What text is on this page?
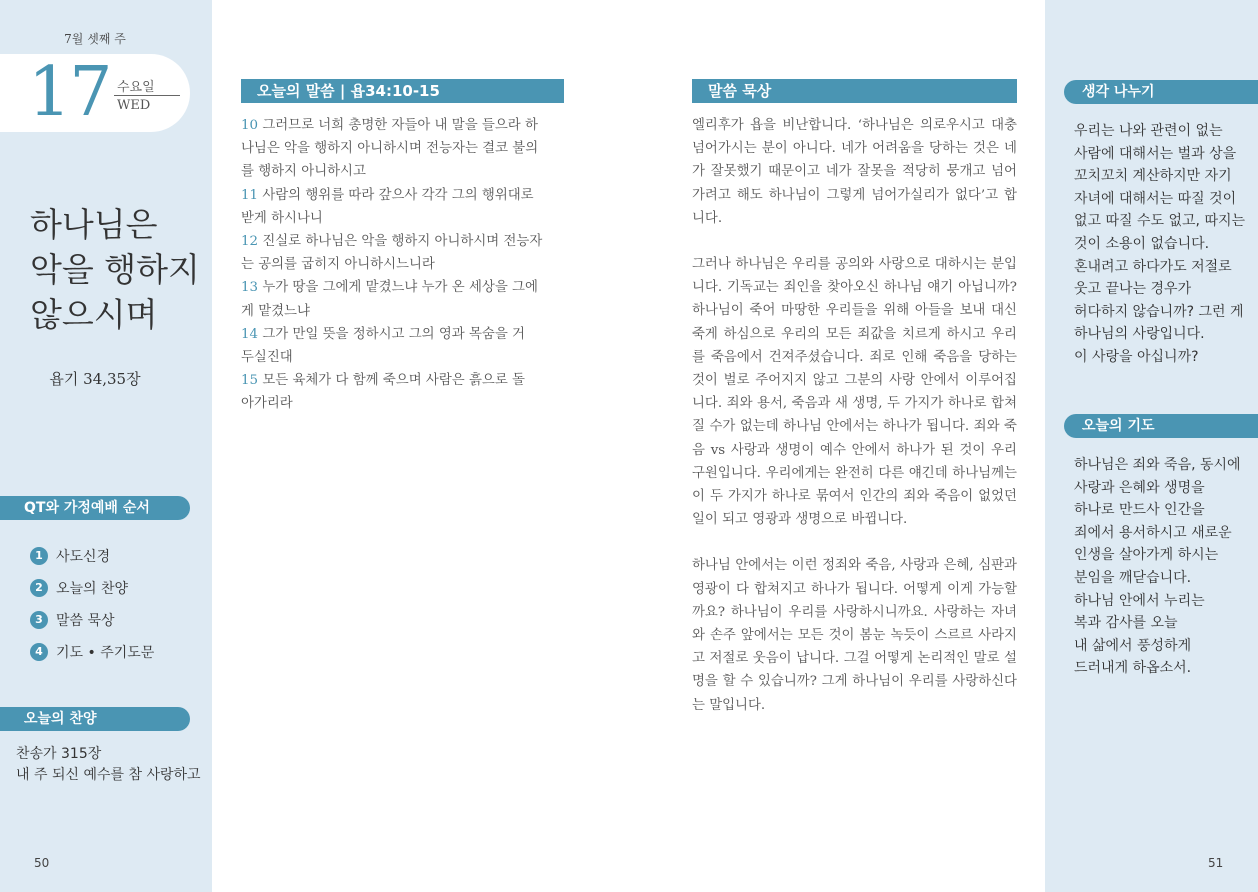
7월 셋째 주
17 수요일
WED
하나님은
악을 행하지
않으시며
욥기 34,35장
QT와 가정예배 순서
1 사도신경
2 오늘의 찬양
3 말씀 묵상
4 기도 • 주기도문
오늘의 찬양
찬송가 315장
내 주 되신 예수를 참 사랑하고
50
오늘의 말씀 | 욥34:10-15

10 그러므로 너희 총명한 자들아 내 말을 들으라 하
나님은 악을 행하지 아니하시며 전능자는 결코 불의
를 행하지 아니하시고

11 사람의 행위를 따라 갚으사 각각 그의 행위대로
받게 하시나니

12 진실로 하나님은 악을 행하지 아니하시며 전능자
는 공의를 굽히지 아니하시느니라

13 누가 땅을 그에게 맡겼느냐 누가 온 세상을 그에
게 맡겼느냐

14 그가 만일 뜻을 정하시고 그의 영과 목숨을 거
두실진대

15 모든 육체가 다 함께 죽으며 사람은 흙으로 돌
아가리라

말씀 묵상

엘리후가 욥을 비난합니다. ‘하나님은 의로우시고 대충 넘어가시는 분이 아니다. 네가 어려움을 당하는 것은 네가 잘못했기 때문이고 네가 잘못을 적당히 뭉개고 넘어가려고 해도 하나님이 그렇게 넘어가실리가 없다’고 합니다.

그러나 하나님은 우리를 공의와 사랑으로 대하시는 분입니다. 기독교는 죄인을 찾아오신 하나님 얘기 아닙니까? 하나님이 죽어 마땅한 우리들을 위해 아들을 보내 대신 죽게 하심으로 우리의 모든 죄값을 치르게 하시고 우리를 죽음에서 건져주셨습니다. 죄로 인해 죽음을 당하는 것이 벌로 주어지지 않고 그분의 사랑 안에서 이루어집니다. 죄와 용서, 죽음과 새 생명, 두 가지가 하나로 합쳐질 수가 없는데 하나님 안에서는 하나가 됩니다. 죄와 죽음 vs 사랑과 생명이 예수 안에서 하나가 된 것이 우리 구원입니다. 우리에게는 완전히 다른 얘긴데 하나님께는 이 두 가지가 하나로 묶여서 인간의 죄와 죽음이 없었던 일이 되고 영광과 생명으로 바뀝니다.

하나님 안에서는 이런 정죄와 죽음, 사랑과 은혜, 심판과 영광이 다 합쳐지고 하나가 됩니다. 어떻게 이게 가능할까요? 하나님이 우리를 사랑하시니까요. 사랑하는 자녀와 손주 앞에서는 모든 것이 봄눈 녹듯이 스르르 사라지고 저절로 웃음이 납니다. 그걸 어떻게 논리적인 말로 설명을 할 수 있습니까? 그게 하나님이 우리를 사랑하신다는 말입니다.

생각 나누기
우리는 나와 관련이 없는
사람에 대해서는 벌과 상을
꼬치꼬치 계산하지만 자기
자녀에 대해서는 따질 것이
없고 따질 수도 없고, 따지는
것이 소용이 없습니다.
혼내려고 하다가도 저절로
웃고 끝나는 경우가
허다하지 않습니까? 그런 게
하나님의 사랑입니다.
이 사랑을 아십니까?
오늘의 기도
하나님은 죄와 죽음, 동시에
사랑과 은혜와 생명을
하나로 만드사 인간을
죄에서 용서하시고 새로운
인생을 살아가게 하시는
분임을 깨닫습니다.
하나님 안에서 누리는
복과 감사를 오늘
내 삶에서 풍성하게
드러내게 하옵소서.
51
